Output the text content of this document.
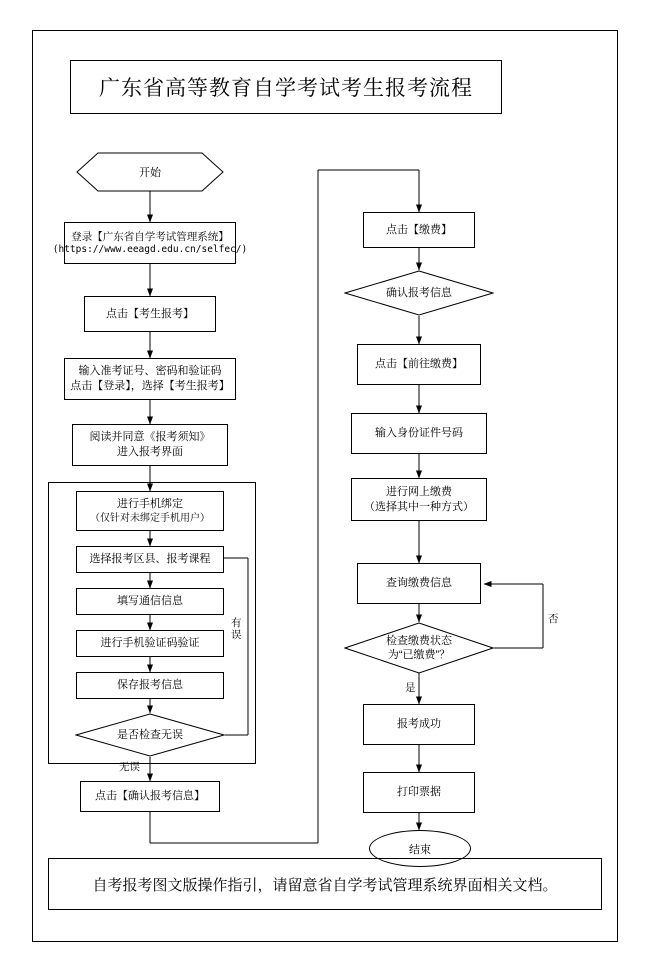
广东省高等教育自学考试考生报考流程
有误
无误
否
是
开始
登录【广东省自学考试管理系统】
(https://www.eeagd.edu.cn/selfec/)
点击【考生报考】
输入准考证号、密码和验证码
点击【登录】，选择【考生报考】
阅读并同意《报考须知》
进入报考界面
进行手机绑定
（仅针对未绑定手机用户）
选择报考区县、报考课程
填写通信信息
进行手机验证码验证
保存报考信息
是否检查无误
点击【确认报考信息】
点击【缴费】
确认报考信息
点击【前往缴费】
输入身份证件号码
进行网上缴费
（选择其中一种方式）
查询缴费信息
检查缴费状态
为“已缴费”？
报考成功
打印票据
结束
自考报考图文版操作指引，请留意省自学考试管理系统界面相关文档。
